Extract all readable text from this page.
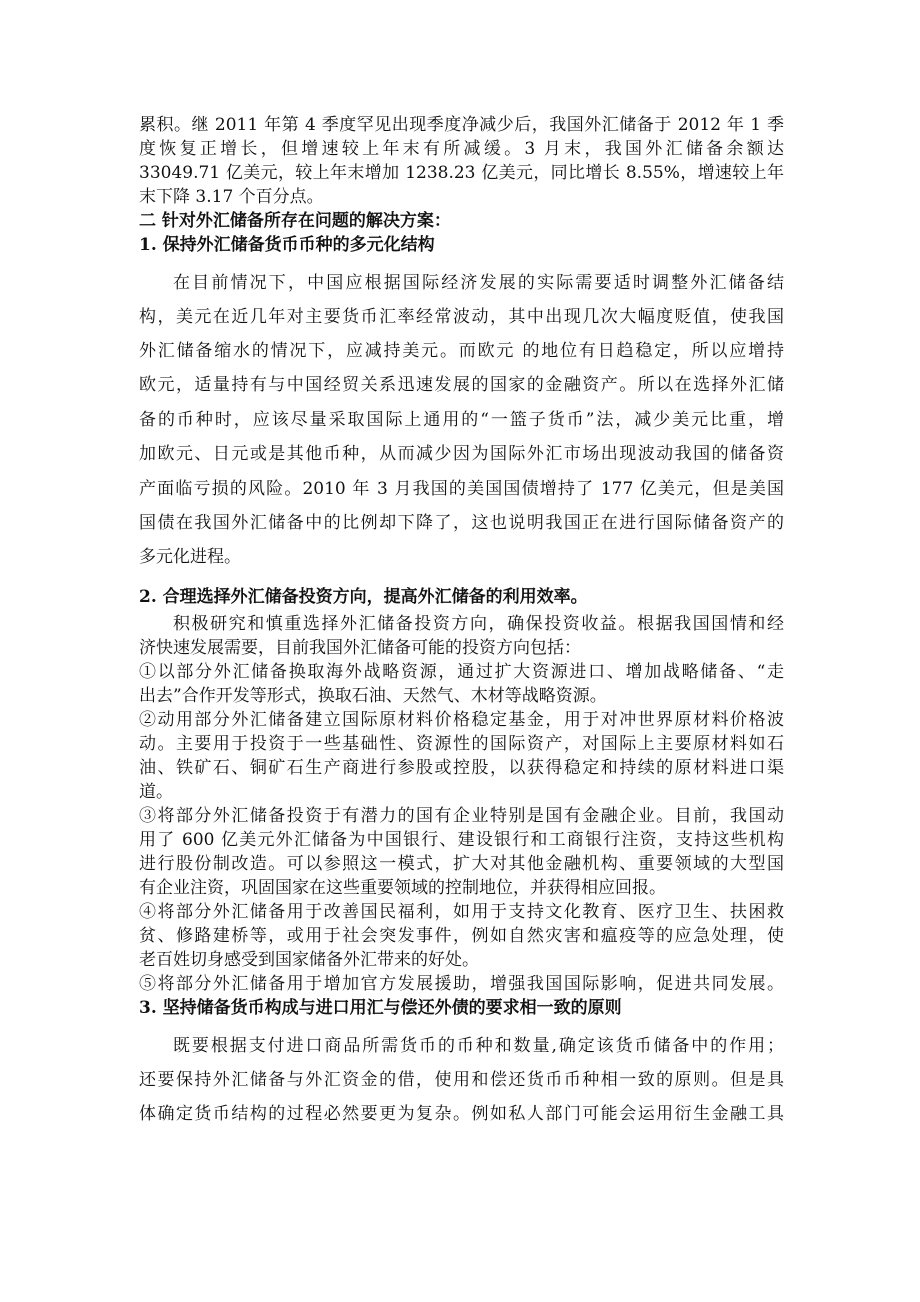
累积。继 2011 年第 4 季度罕见出现季度净减少后，我国外汇储备于 2012 年 1 季
度恢复正增长，但增速较上年末有所减缓。3 月末，我国外汇储备余额达
33049.71 亿美元，较上年末增加 1238.23 亿美元，同比增长 8.55%，增速较上年
末下降 3.17 个百分点。
二 针对外汇储备所存在问题的解决方案：
1. 保持外汇储备货币币种的多元化结构
在目前情况下，中国应根据国际经济发展的实际需要适时调整外汇储备结
构，美元在近几年对主要货币汇率经常波动，其中出现几次大幅度贬值，使我国
外汇储备缩水的情况下，应减持美元。而欧元 的地位有日趋稳定，所以应增持
欧元，适量持有与中国经贸关系迅速发展的国家的金融资产。所以在选择外汇储
备的币种时，应该尽量采取国际上通用的“一篮子货币”法，减少美元比重，增
加欧元、日元或是其他币种，从而减少因为国际外汇市场出现波动我国的储备资
产面临亏损的风险。2010 年 3 月我国的美国国债增持了 177 亿美元，但是美国
国债在我国外汇储备中的比例却下降了，这也说明我国正在进行国际储备资产的
多元化进程。
2. 合理选择外汇储备投资方向，提高外汇储备的利用效率。
积极研究和慎重选择外汇储备投资方向，确保投资收益。根据我国国情和经
济快速发展需要，目前我国外汇储备可能的投资方向包括：
①以部分外汇储备换取海外战略资源，通过扩大资源进口、增加战略储备、“走
出去”合作开发等形式，换取石油、天然气、木材等战略资源。
②动用部分外汇储备建立国际原材料价格稳定基金，用于对冲世界原材料价格波
动。主要用于投资于一些基础性、资源性的国际资产，对国际上主要原材料如石
油、铁矿石、铜矿石生产商进行参股或控股，以获得稳定和持续的原材料进口渠
道。
③将部分外汇储备投资于有潜力的国有企业特别是国有金融企业。目前，我国动
用了 600 亿美元外汇储备为中国银行、建设银行和工商银行注资，支持这些机构
进行股份制改造。可以参照这一模式，扩大对其他金融机构、重要领域的大型国
有企业注资，巩固国家在这些重要领域的控制地位，并获得相应回报。
④将部分外汇储备用于改善国民福利，如用于支持文化教育、医疗卫生、扶困救
贫、修路建桥等，或用于社会突发事件，例如自然灾害和瘟疫等的应急处理，使
老百姓切身感受到国家储备外汇带来的好处。
⑤将部分外汇储备用于增加官方发展援助，增强我国国际影响，促进共同发展。
3. 坚持储备货币构成与进口用汇与偿还外债的要求相一致的原则
既要根据支付进口商品所需货币的币种和数量,确定该货币储备中的作用；
还要保持外汇储备与外汇资金的借，使用和偿还货币币种相一致的原则。但是具
体确定货币结构的过程必然要更为复杂。例如私人部门可能会运用衍生金融工具
